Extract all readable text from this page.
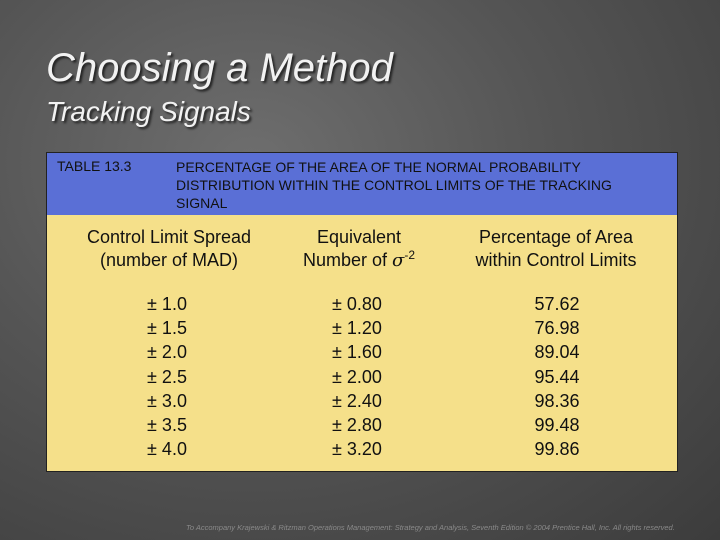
Choosing a Method
Tracking Signals
TABLE 13.3	PERCENTAGE OF THE AREA OF THE NORMAL PROBABILITY DISTRIBUTION WITHIN THE CONTROL LIMITS OF THE TRACKING SIGNAL
Control Limit Spread
(number of MAD)
Equivalent
Number of $\sigma^{-2}$
Percentage of Area
within Control Limits
± 1.0
± 1.5
± 2.0
± 2.5
± 3.0
± 3.5
± 4.0
± 0.80
± 1.20
± 1.60
± 2.00
± 2.40
± 2.80
± 3.20
57.62
76.98
89.04
95.44
98.36
99.48
99.86
To Accompany Krajewski & Ritzman Operations Management: Strategy and Analysis, Seventh Edition © 2004 Prentice Hall, Inc. All rights reserved.
